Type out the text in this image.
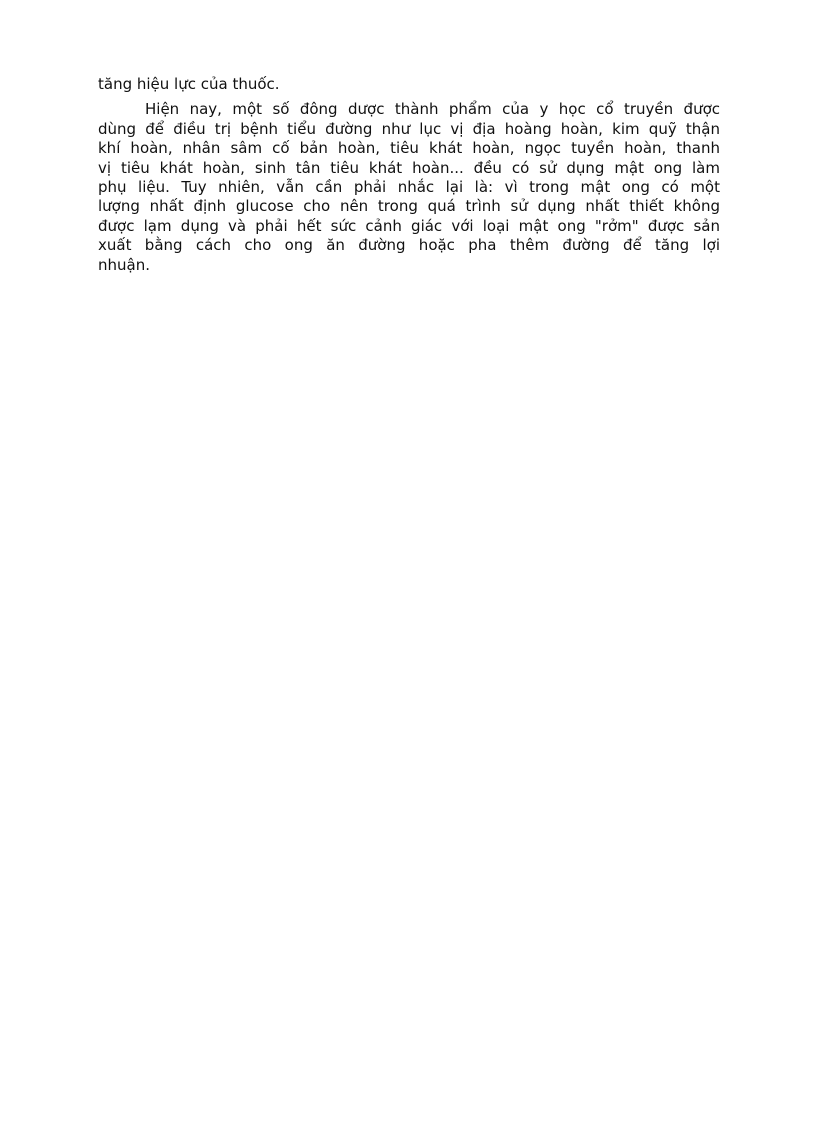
tăng hiệu lực của thuốc.
Hiện nay, một số đông dược thành phẩm của y học cổ truyền được
dùng để điều trị bệnh tiểu đường như lục vị địa hoàng hoàn, kim quỹ thận
khí hoàn, nhân sâm cố bản hoàn, tiêu khát hoàn, ngọc tuyền hoàn, thanh
vị tiêu khát hoàn, sinh tân tiêu khát hoàn... đều có sử dụng mật ong làm
phụ liệu. Tuy nhiên, vẫn cần phải nhắc lại là: vì trong mật ong có một
lượng nhất định glucose cho nên trong quá trình sử dụng nhất thiết không
được lạm dụng và phải hết sức cảnh giác với loại mật ong "rởm" được sản
xuất bằng cách cho ong ăn đường hoặc pha thêm đường để tăng lợi
nhuận.
